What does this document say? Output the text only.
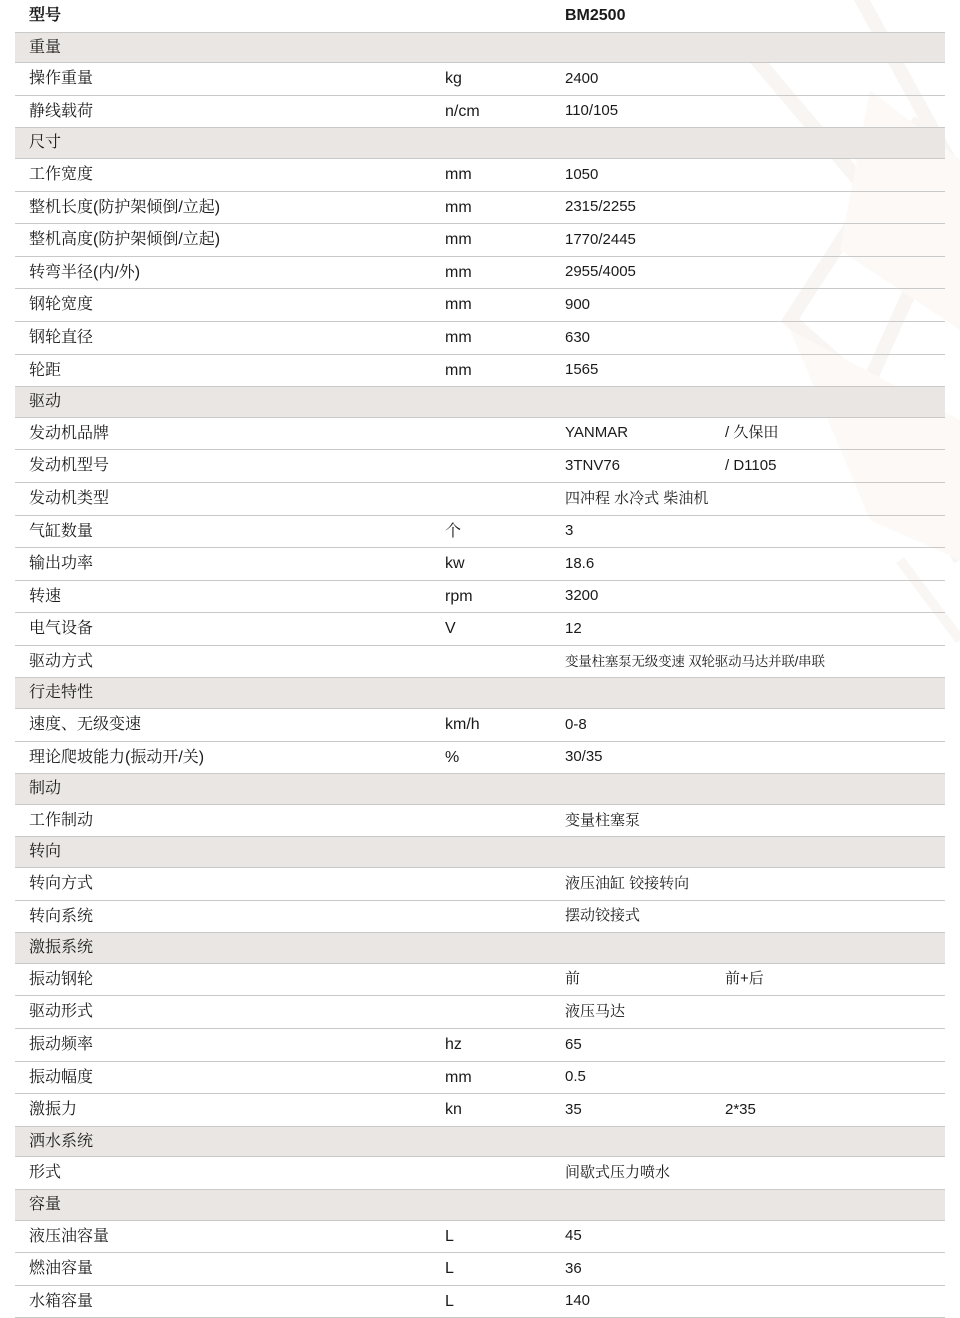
型号		BM2500	
重量			
操作重量	kg	2400	
静线载荷	n/cm	110/105	
尺寸			
工作宽度	mm	1050	
整机长度(防护架倾倒/立起)	mm	2315/2255	
整机高度(防护架倾倒/立起)	mm	1770/2445	
转弯半径(内/外)	mm	2955/4005	
钢轮宽度	mm	900	
钢轮直径	mm	630	
轮距	mm	1565	
驱动			
发动机品牌		YANMAR	/ 久保田
发动机型号		3TNV76	/ D1105
发动机类型		四冲程 水冷式 柴油机	
气缸数量	个	3	
输出功率	kw	18.6	
转速	rpm	3200	
电气设备	V	12	
驱动方式		变量柱塞泵无级变速 双轮驱动马达并联/串联	
行走特性			
速度、无级变速	km/h	0-8	
理论爬坡能力(振动开/关)	%	30/35	
制动			
工作制动		变量柱塞泵	
转向			
转向方式		液压油缸 铰接转向	
转向系统		摆动铰接式	
激振系统			
振动钢轮		前	前+后
驱动形式		液压马达	
振动频率	hz	65	
振动幅度	mm	0.5	
激振力	kn	35	2*35
洒水系统			
形式		间歇式压力喷水	
容量			
液压油容量	L	45	
燃油容量	L	36	
水箱容量	L	140	
